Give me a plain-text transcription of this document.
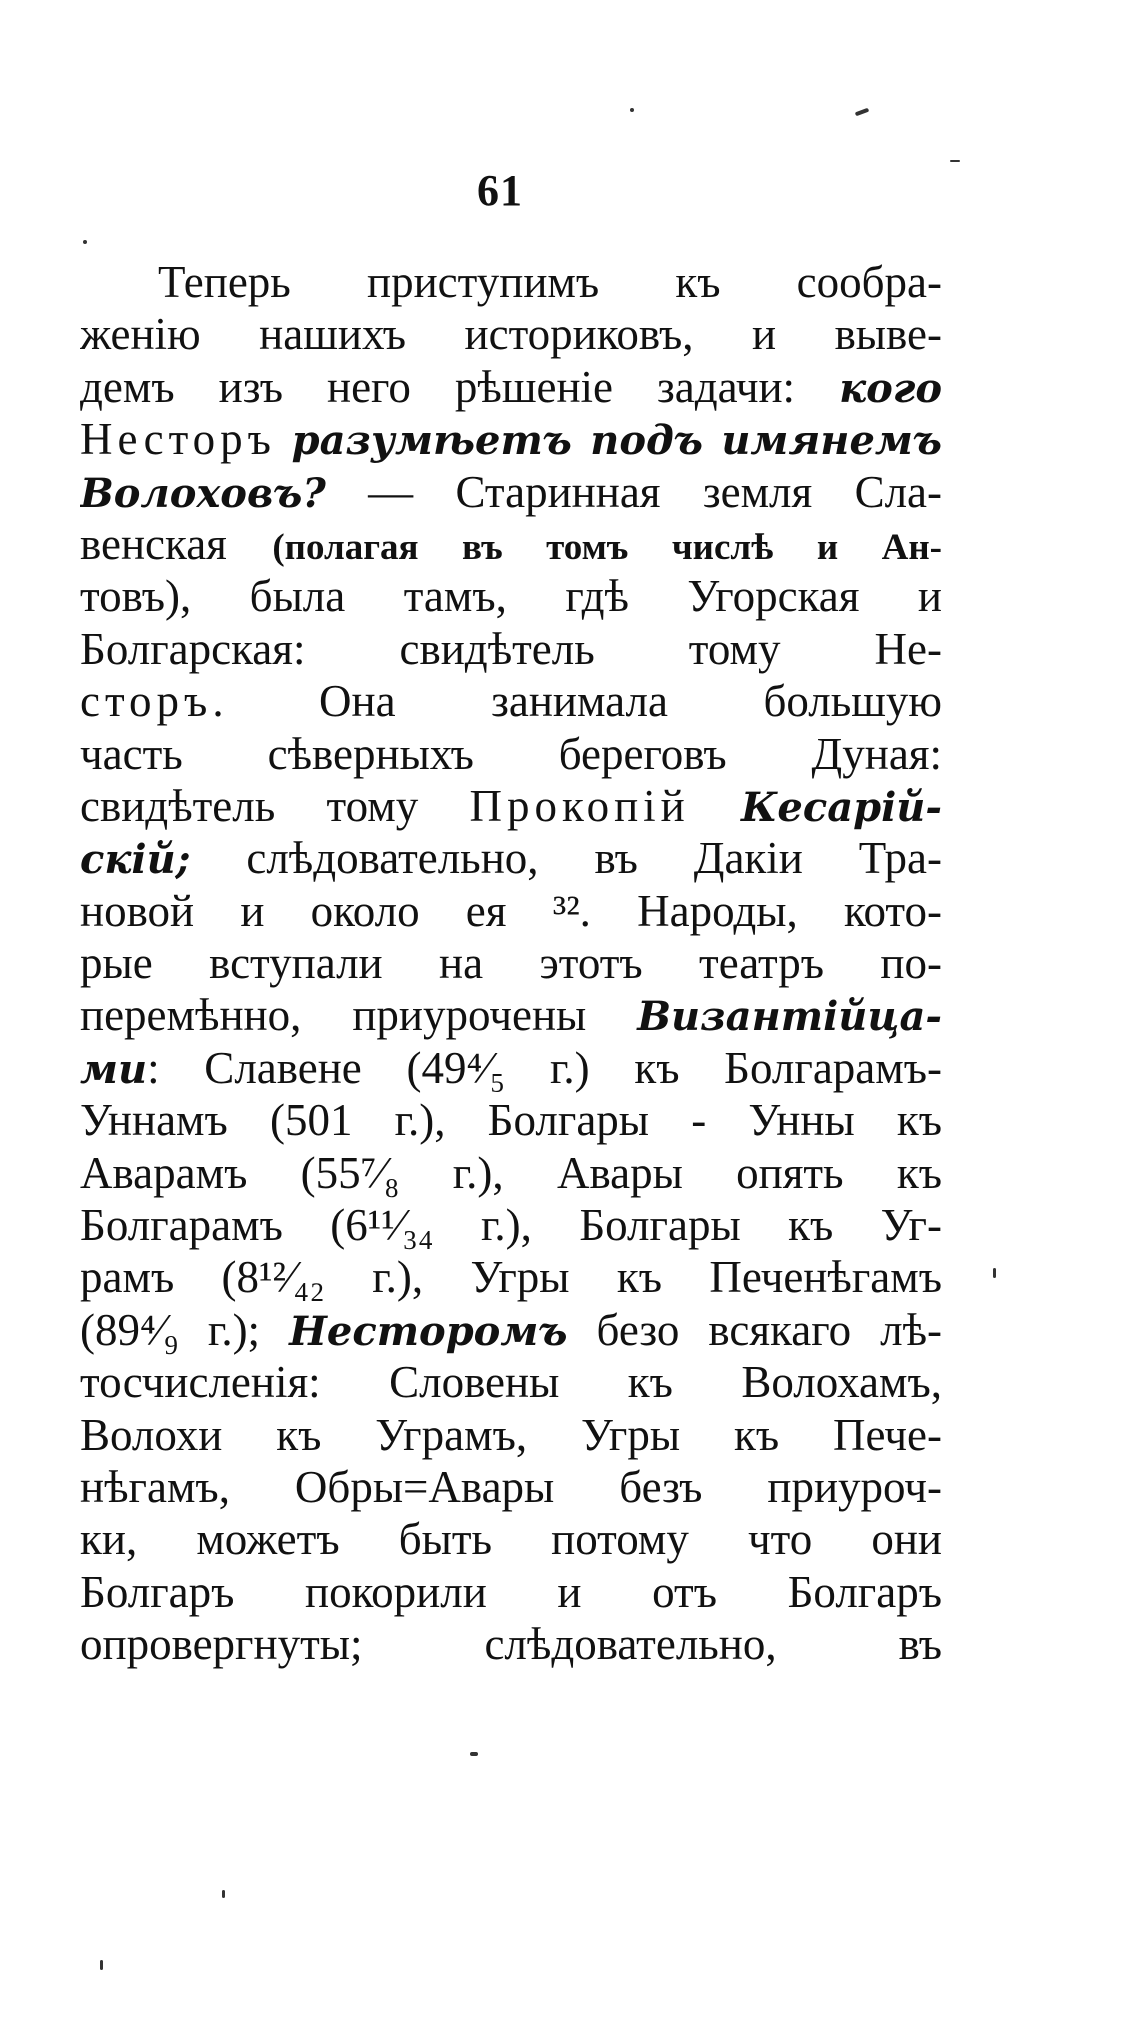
61
Теперь приступимъ къ сообра-
женію нашихъ историковъ, и выве-
демъ изъ него рѣшеніе задачи: кого
Несторъ разумѣетъ подъ имянемъ
Волоховъ? — Старинная земля Сла-
венская (полагая въ томъ числѣ и Ан-
товъ), была тамъ, гдѣ Угорская и
Болгарская: свидѣтель тому Не-
сторъ. Она занимала большую
часть сѣверныхъ береговъ Дуная:
свидѣтель тому Прокопій Кесарій-
скій; слѣдовательно, въ Дакіи Тра-
новой и около ея ³². Народы, кото-
рые вступали на этотъ театръ по-
перемѣнно, приурочены Византійца-
ми: Славене (49⁴⁄₅ г.) къ Болгарамъ-
Уннамъ (501 г.), Болгары - Унны къ
Аварамъ (55⁷⁄₈ г.), Авары опять къ
Болгарамъ (6¹¹⁄₃₄ г.), Болгары къ Уг-
рамъ (8¹²⁄₄₂ г.), Угры къ Печенѣгамъ
(89⁴⁄₉ г.); Несторомъ безо всякаго лѣ-
тосчисленія: Словены къ Волохамъ,
Волохи къ Уграмъ, Угры къ Пече-
нѣгамъ, Обры=Авары безъ приуроч-
ки, можетъ быть потому что они
Болгаръ покорили и отъ Болгаръ
опровергнуты; слѣдовательно, въ
